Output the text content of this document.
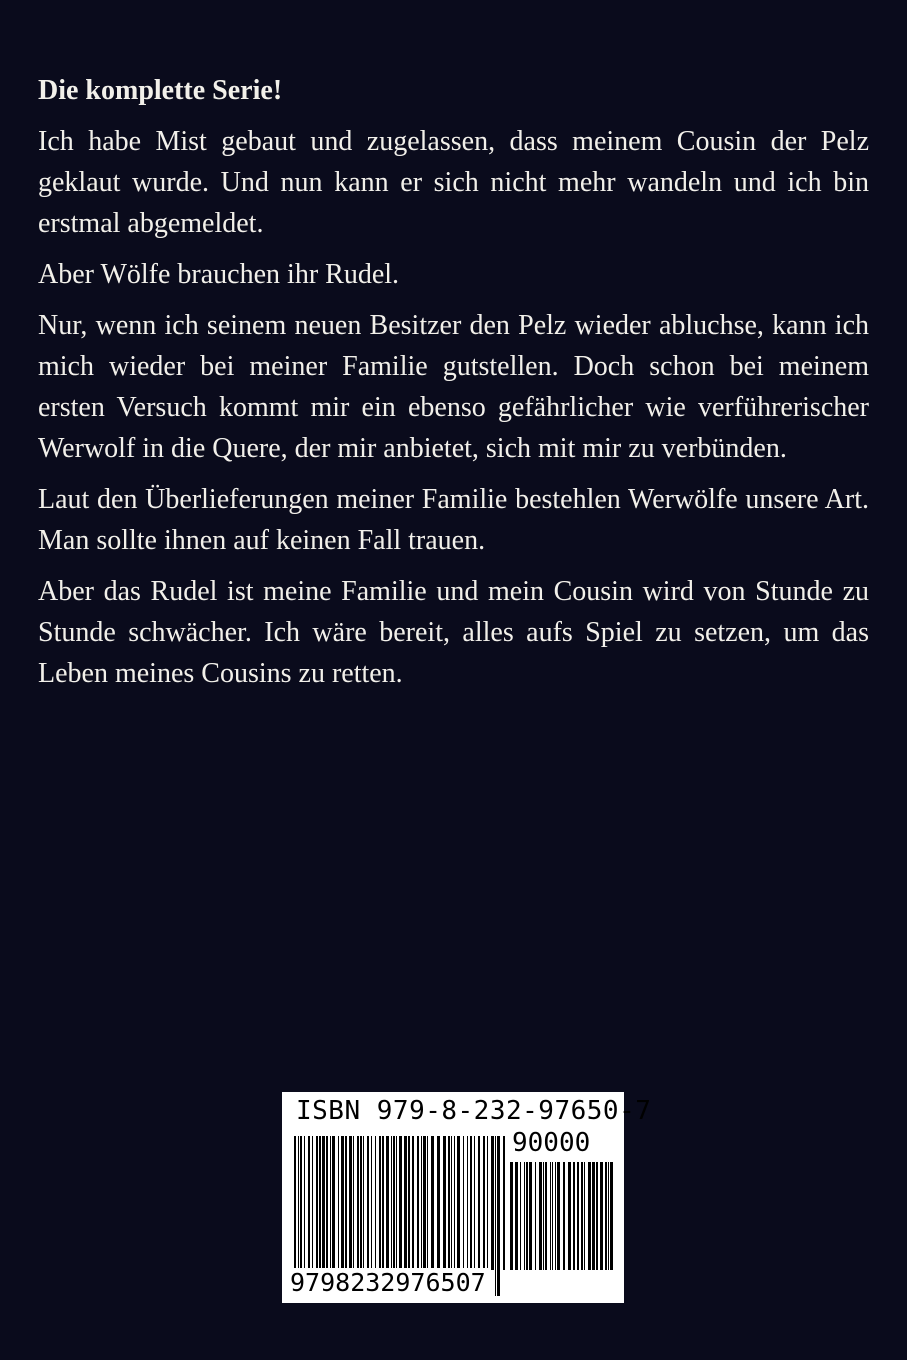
Die komplette Serie!

Ich habe Mist gebaut und zugelassen, dass meinem Cousin der Pelz geklaut wurde. Und nun kann er sich nicht mehr wandeln und ich bin erstmal abgemeldet.

Aber Wölfe brauchen ihr Rudel.

Nur, wenn ich seinem neuen Besitzer den Pelz wieder abluchse, kann ich mich wieder bei meiner Familie gutstellen. Doch schon bei meinem ersten Versuch kommt mir ein ebenso gefährlicher wie verführerischer Werwolf in die Quere, der mir anbietet, sich mit mir zu verbünden.

Laut den Überlieferungen meiner Familie bestehlen Werwölfe unsere Art. Man sollte ihnen auf keinen Fall trauen.

Aber das Rudel ist meine Familie und mein Cousin wird von Stunde zu Stunde schwächer. Ich wäre bereit, alles aufs Spiel zu setzen, um das Leben meines Cousins zu retten.

ISBN 979-8-232-97650-7
90000
9798232976507
